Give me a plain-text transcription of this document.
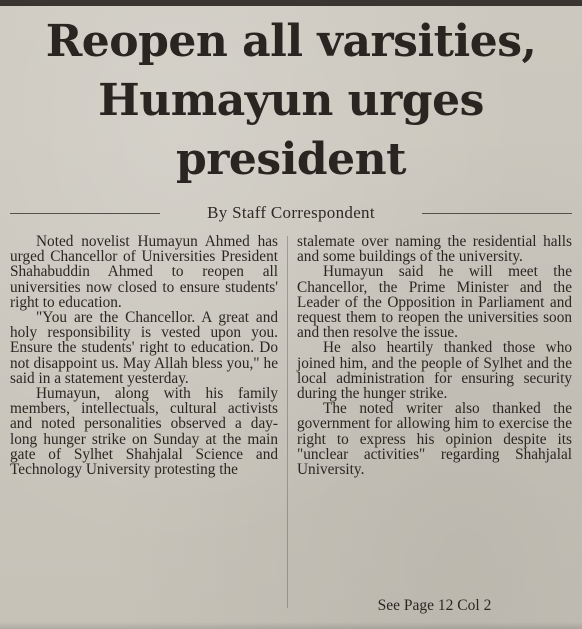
Reopen all varsities,
Humayun urges
president
By Staff Correspondent

Noted novelist Humayun Ahmed has urged Chancellor of Universities President Shahabuddin Ahmed to reopen all universities now closed to ensure students' right to education.

"You are the Chancellor. A great and holy responsibility is vested upon you. Ensure the students' right to education. Do not disappoint us. May Allah bless you," he said in a statement yesterday.

Humayun, along with his family members, intellectuals, cultural activists and noted personalities observed a day-long hunger strike on Sunday at the main gate of Sylhet Shahjalal Science and Technology University protesting the

stalemate over naming the residential halls and some buildings of the university.

Humayun said he will meet the Chancellor, the Prime Minister and the Leader of the Opposition in Parliament and request them to reopen the universities soon and then resolve the issue.

He also heartily thanked those who joined him, and the people of Sylhet and the local administration for ensuring security during the hunger strike.

The noted writer also thanked the government for allowing him to exercise the right to express his opinion despite its "unclear activities" regarding Shahjalal University.

See Page 12 Col 2
